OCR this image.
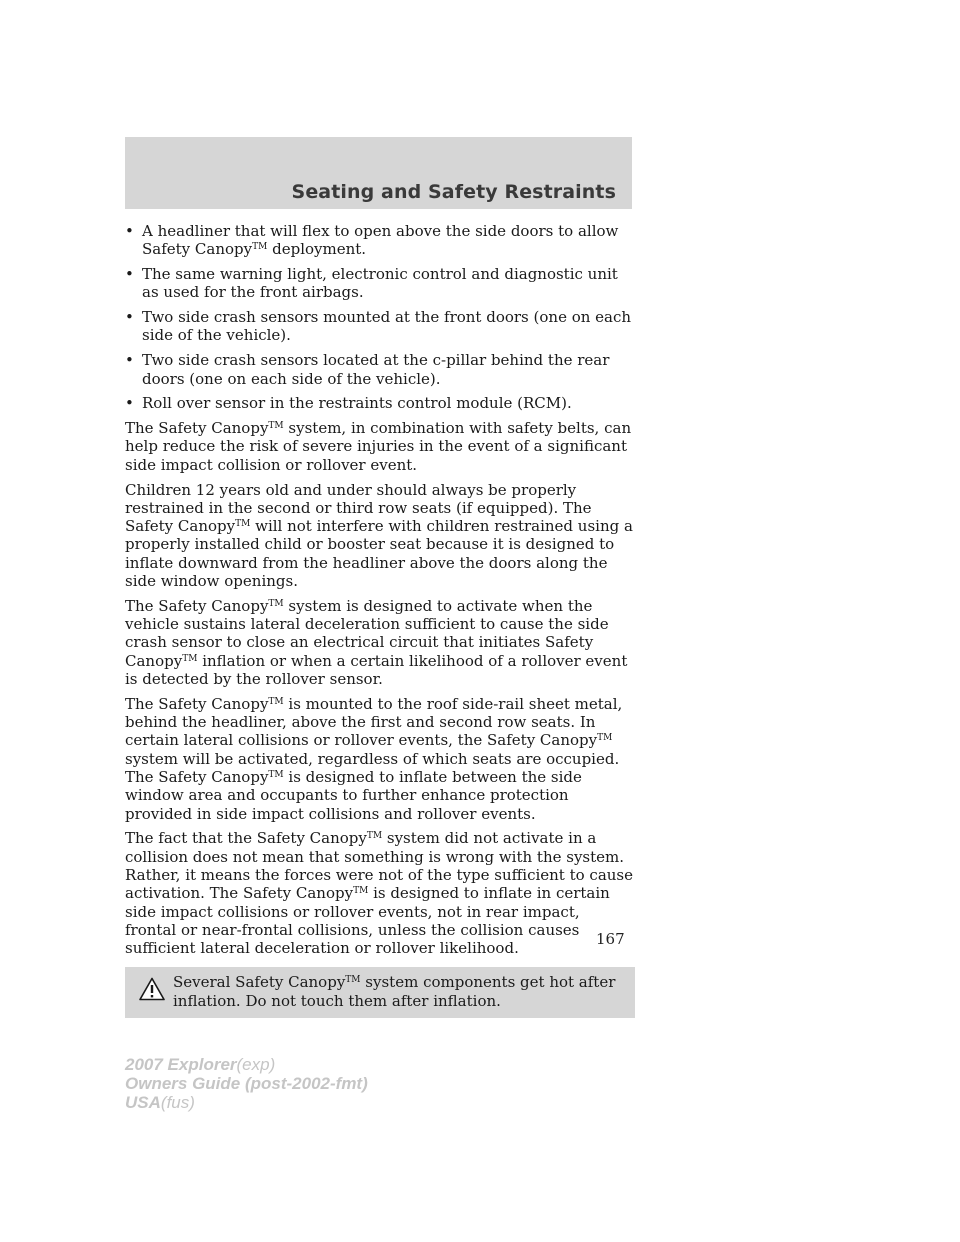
Seating and Safety Restraints
• A headliner that will flex to open above the side doors to allow Safety Canopy™ deployment.
• The same warning light, electronic control and diagnostic unit as used for the front airbags.
• Two side crash sensors mounted at the front doors (one on each side of the vehicle).
• Two side crash sensors located at the c-pillar behind the rear doors (one on each side of the vehicle).
• Roll over sensor in the restraints control module (RCM).

The Safety Canopy™ system, in combination with safety belts, can help reduce the risk of severe injuries in the event of a significant side impact collision or rollover event.

Children 12 years old and under should always be properly restrained in the second or third row seats (if equipped). The Safety Canopy™ will not interfere with children restrained using a properly installed child or booster seat because it is designed to inflate downward from the headliner above the doors along the side window openings.

The Safety Canopy™ system is designed to activate when the vehicle sustains lateral deceleration sufficient to cause the side crash sensor to close an electrical circuit that initiates Safety Canopy™ inflation or when a certain likelihood of a rollover event is detected by the rollover sensor.

The Safety Canopy™ is mounted to the roof side-rail sheet metal, behind the headliner, above the first and second row seats. In certain lateral collisions or rollover events, the Safety Canopy™ system will be activated, regardless of which seats are occupied. The Safety Canopy™ is designed to inflate between the side window area and occupants to further enhance protection provided in side impact collisions and rollover events.

The fact that the Safety Canopy™ system did not activate in a collision does not mean that something is wrong with the system. Rather, it means the forces were not of the type sufficient to cause activation. The Safety Canopy™ is designed to inflate in certain side impact collisions or rollover events, not in rear impact, frontal or near-frontal collisions, unless the collision causes sufficient lateral deceleration or rollover likelihood.

Several Safety Canopy™ system components get hot after inflation. Do not touch them after inflation.

167

2007 Explorer(exp)
Owners Guide (post-2002-fmt)
USA(fus)
